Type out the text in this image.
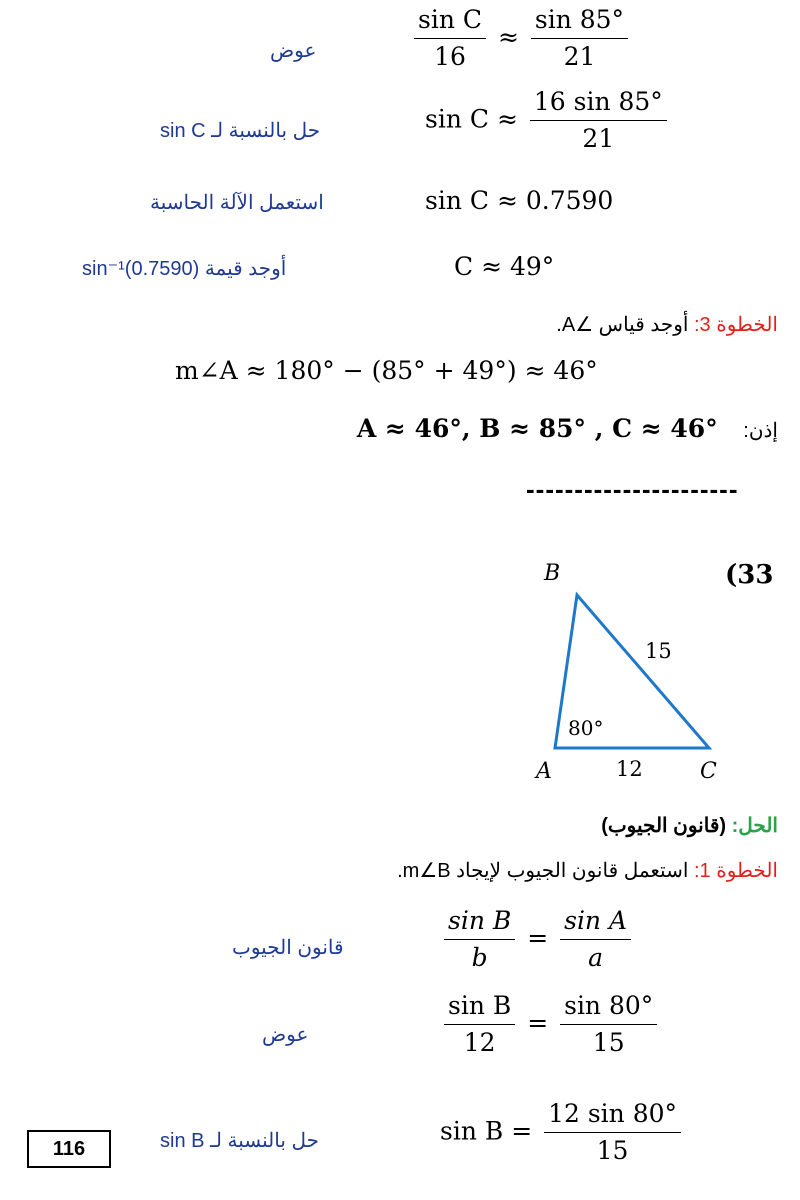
عوض	$\frac{\text{sin C}}{16} \approx \frac{\sin 85^\circ}{21}$
حل بالنسبة لـ sin C	$\sin C \approx \frac{16 \sin 85^\circ}{21}$
استعمل الآلة الحاسبة	sin C ≈ 0.7590
أوجد قيمة sin⁻¹(0.7590)	C ≈ 49°
الخطوة 3: أوجد قياس ∠A.
m∠A ≈ 180° − (85° + 49°) ≈ 46°
إذن: A ≈ 46°, B ≈ 85° , C ≈ 46°
----------------------
(33
B
15
80°
A	12	C
الحل: (قانون الجيوب)
الخطوة 1: استعمل قانون الجيوب لإيجاد m∠B.
قانون الجيوب	$\frac{\text{sin B}}{b} = \frac{\text{sin A}}{a}$
عوض	$\frac{\text{sin B}}{12} = \frac{\sin 80^\circ}{15}$
حل بالنسبة لـ sin B	$\sin B = \frac{12 \sin 80^\circ}{15}$
116
